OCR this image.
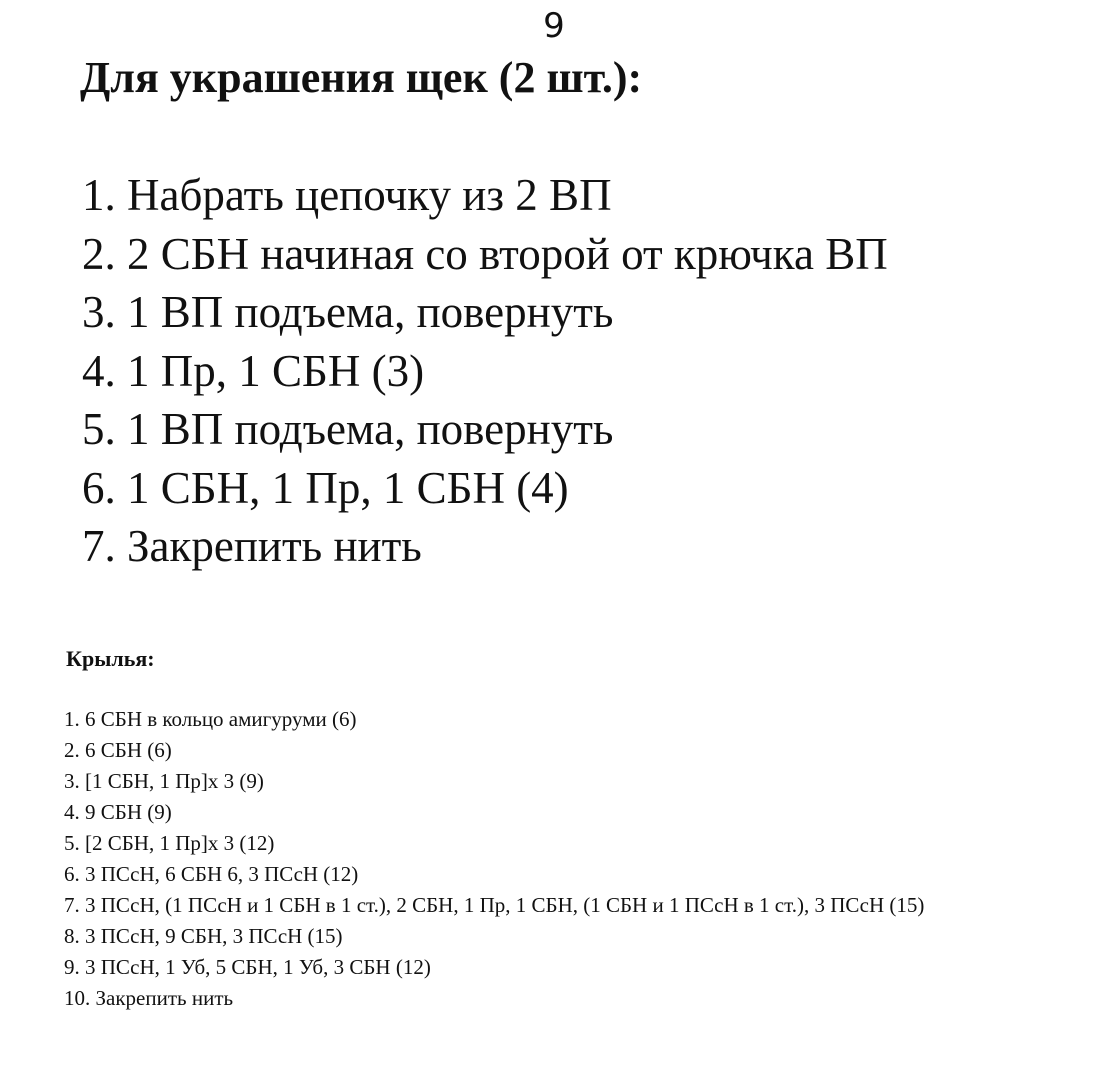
9
Для украшения щек (2 шт.):
1. Набрать цепочку из 2 ВП
2. 2 СБН начиная со второй от крючка ВП
3. 1 ВП подъема, повернуть
4. 1 Пр, 1 СБН (3)
5. 1 ВП подъема, повернуть
6. 1 СБН, 1 Пр, 1 СБН (4)
7. Закрепить нить
Крылья:
1. 6 СБН в кольцо амигуруми (6)
2. 6 СБН (6)
3. [1 СБН, 1 Пр]х 3 (9)
4. 9 СБН (9)
5. [2 СБН, 1 Пр]х 3 (12)
6. 3 ПСсН, 6 СБН 6, 3 ПСсН (12)
7. 3 ПСсН, (1 ПСсН и 1 СБН в 1 ст.), 2 СБН, 1 Пр, 1 СБН, (1 СБН и 1 ПСсН в 1 ст.), 3 ПСсН (15)
8. 3 ПСсН, 9 СБН, 3 ПСсН (15)
9. 3 ПСсН, 1 Уб, 5 СБН, 1 Уб, 3 СБН (12)
10. Закрепить нить
